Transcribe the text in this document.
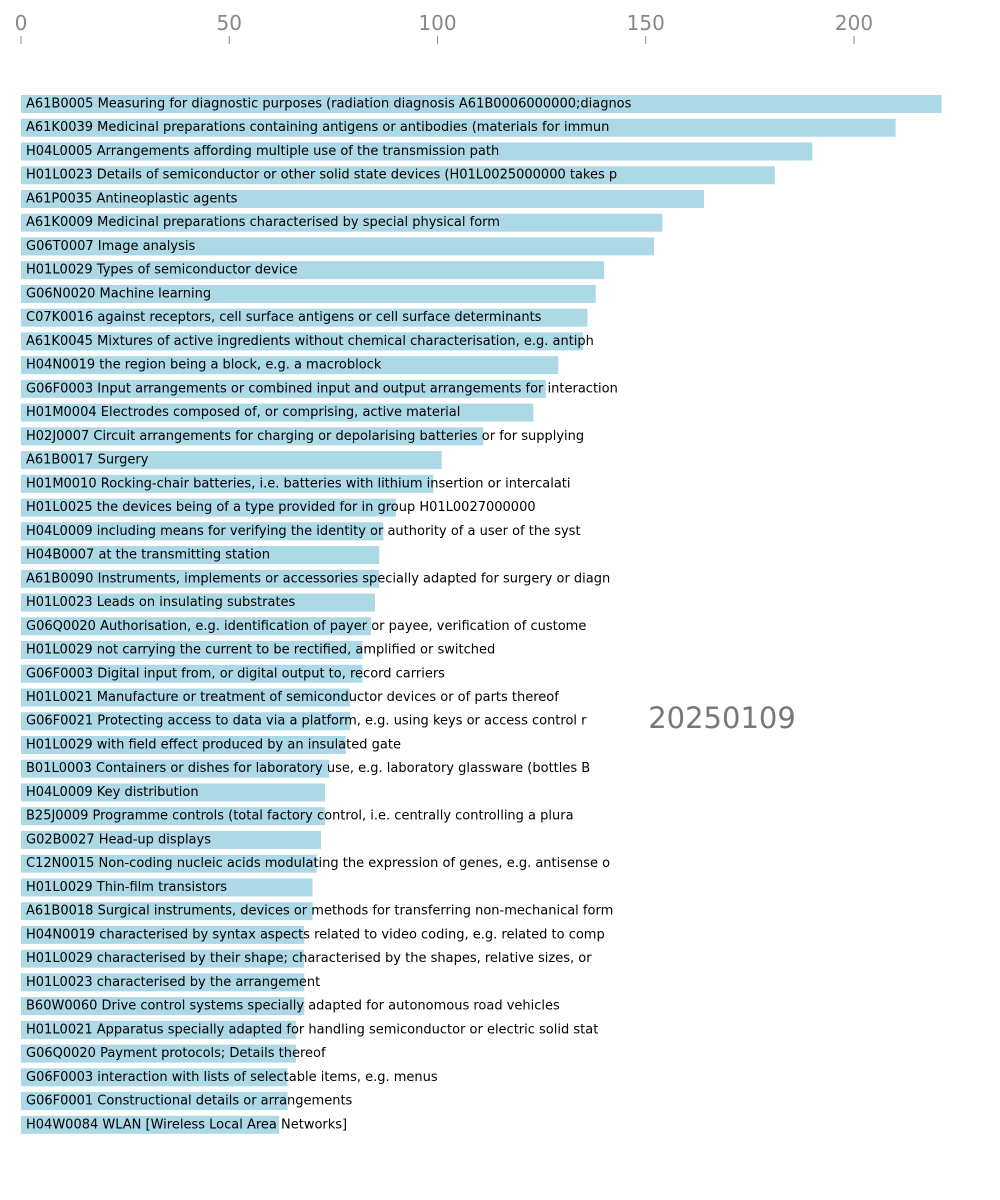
0	50	100	150	200
A61B0005 Measuring for diagnostic purposes (radiation diagnosis A61B0006000000;diagnos
A61K0039 Medicinal preparations containing antigens or antibodies (materials for immun
H04L0005 Arrangements affording multiple use of the transmission path
H01L0023 Details of semiconductor or other solid state devices (H01L0025000000 takes p
A61P0035 Antineoplastic agents
A61K0009 Medicinal preparations characterised by special physical form
G06T0007 Image analysis
H01L0029 Types of semiconductor device
G06N0020 Machine learning
C07K0016 against receptors, cell surface antigens or cell surface determinants
A61K0045 Mixtures of active ingredients without chemical characterisation, e.g. antiph
H04N0019 the region being a block, e.g. a macroblock
G06F0003 Input arrangements or combined input and output arrangements for interaction
H01M0004 Electrodes composed of, or comprising, active material
H02J0007 Circuit arrangements for charging or depolarising batteries or for supplying
A61B0017 Surgery
H01M0010 Rocking-chair batteries, i.e. batteries with lithium insertion or intercalati
H01L0025 the devices being of a type provided for in group H01L0027000000
H04L0009 including means for verifying the identity or authority of a user of the syst
H04B0007 at the transmitting station
A61B0090 Instruments, implements or accessories specially adapted for surgery or diagn
H01L0023 Leads on insulating substrates
G06Q0020 Authorisation, e.g. identification of payer or payee, verification of custome
H01L0029 not carrying the current to be rectified, amplified or switched
G06F0003 Digital input from, or digital output to, record carriers
H01L0021 Manufacture or treatment of semiconductor devices or of parts thereof
G06F0021 Protecting access to data via a platform, e.g. using keys or access control r
H01L0029 with field effect produced by an insulated gate
B01L0003 Containers or dishes for laboratory use, e.g. laboratory glassware (bottles B
H04L0009 Key distribution
B25J0009 Programme controls (total factory control, i.e. centrally controlling a plura
G02B0027 Head-up displays
C12N0015 Non-coding nucleic acids modulating the expression of genes, e.g. antisense o
H01L0029 Thin-film transistors
A61B0018 Surgical instruments, devices or methods for transferring non-mechanical form
H04N0019 characterised by syntax aspects related to video coding, e.g. related to comp
H01L0029 characterised by their shape; characterised by the shapes, relative sizes, or
H01L0023 characterised by the arrangement
B60W0060 Drive control systems specially adapted for autonomous road vehicles
H01L0021 Apparatus specially adapted for handling semiconductor or electric solid stat
G06Q0020 Payment protocols; Details thereof
G06F0003 interaction with lists of selectable items, e.g. menus
G06F0001 Constructional details or arrangements
H04W0084 WLAN [Wireless Local Area Networks]
20250109
